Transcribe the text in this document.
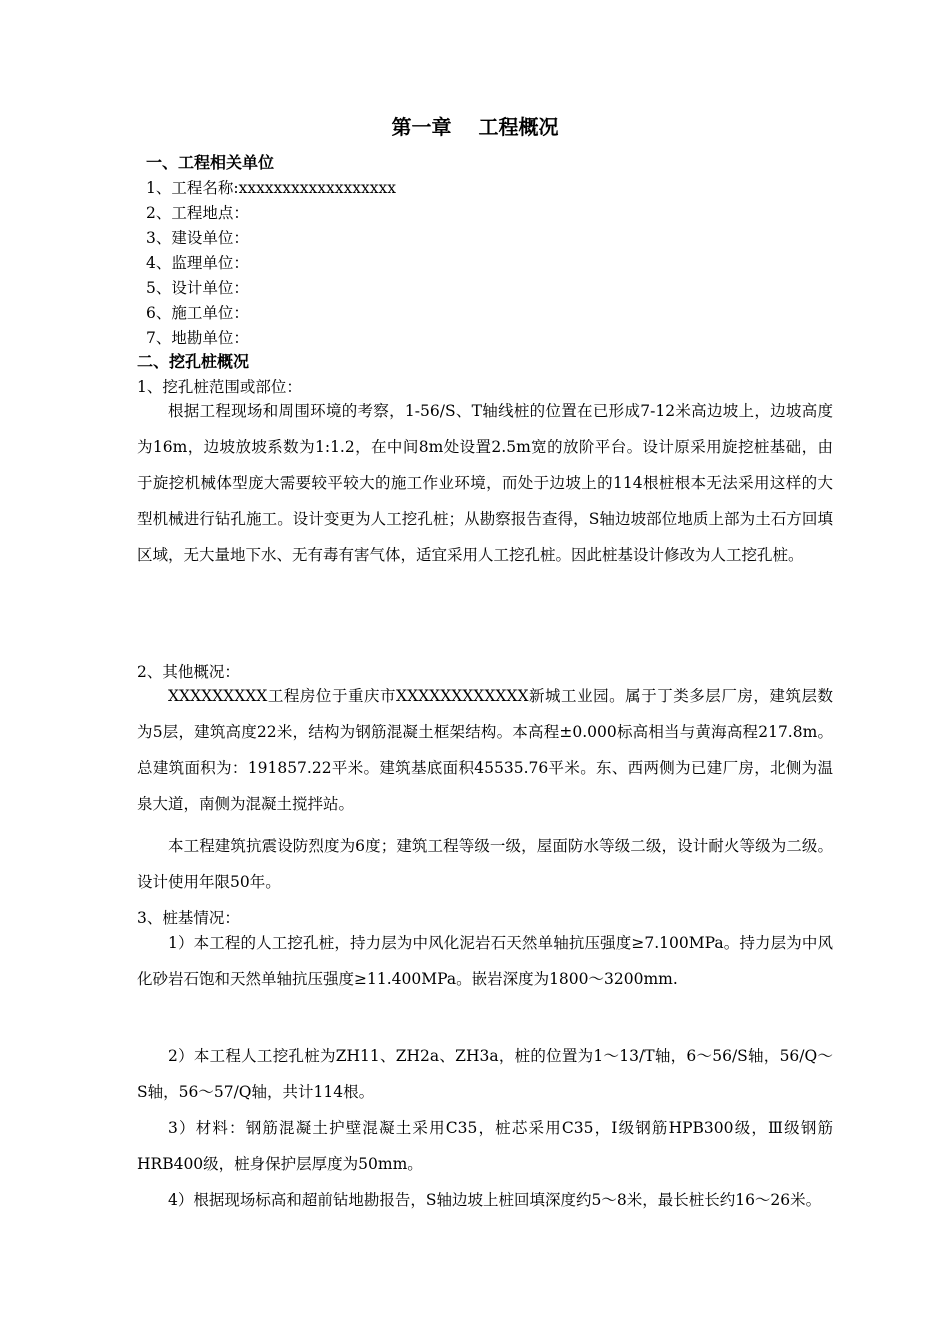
第一章　 工程概况
一、工程相关单位
1、工程名称:xxxxxxxxxxxxxxxxxx
2、工程地点：
3、建设单位：
4、监理单位：
5、设计单位：
6、施工单位：
7、地勘单位：
二、挖孔桩概况
1、挖孔桩范围或部位：

根据工程现场和周围环境的考察，1-56/S、T轴线桩的位置在已形成7-12米高边坡上，边坡高度为16m，边坡放坡系数为1:1.2，在中间8m处设置2.5m宽的放阶平台。设计原采用旋挖桩基础，由于旋挖机械体型庞大需要较平较大的施工作业环境，而处于边坡上的114根桩根本无法采用这样的大型机械进行钻孔施工。设计变更为人工挖孔桩；从勘察报告查得，S轴边坡部位地质上部为土石方回填区域，无大量地下水、无有毒有害气体，适宜采用人工挖孔桩。因此桩基设计修改为人工挖孔桩。

2、其他概况：

XXXXXXXXX工程房位于重庆市XXXXXXXXXXXX新城工业园。属于丁类多层厂房，建筑层数为5层，建筑高度22米，结构为钢筋混凝土框架结构。本高程±0.000标高相当与黄海高程217.8m。总建筑面积为：191857.22平米。建筑基底面积45535.76平米。东、西两侧为已建厂房，北侧为温泉大道，南侧为混凝土搅拌站。

本工程建筑抗震设防烈度为6度；建筑工程等级一级，屋面防水等级二级，设计耐火等级为二级。设计使用年限50年。

3、桩基情况：

1）本工程的人工挖孔桩，持力层为中风化泥岩石天然单轴抗压强度≥7.100MPa。持力层为中风化砂岩石饱和天然单轴抗压强度≥11.400MPa。嵌岩深度为1800～3200mm.

2）本工程人工挖孔桩为ZH11、ZH2a、ZH3a，桩的位置为1～13/T轴，6～56/S轴，56/Q～S轴，56～57/Q轴，共计114根。

3）材料：钢筋混凝土护壁混凝土采用C35，桩芯采用C35，Ⅰ级钢筋HPB300级，Ⅲ级钢筋HRB400级，桩身保护层厚度为50mm。

4）根据现场标高和超前钻地勘报告，S轴边坡上桩回填深度约5～8米，最长桩长约16～26米。
